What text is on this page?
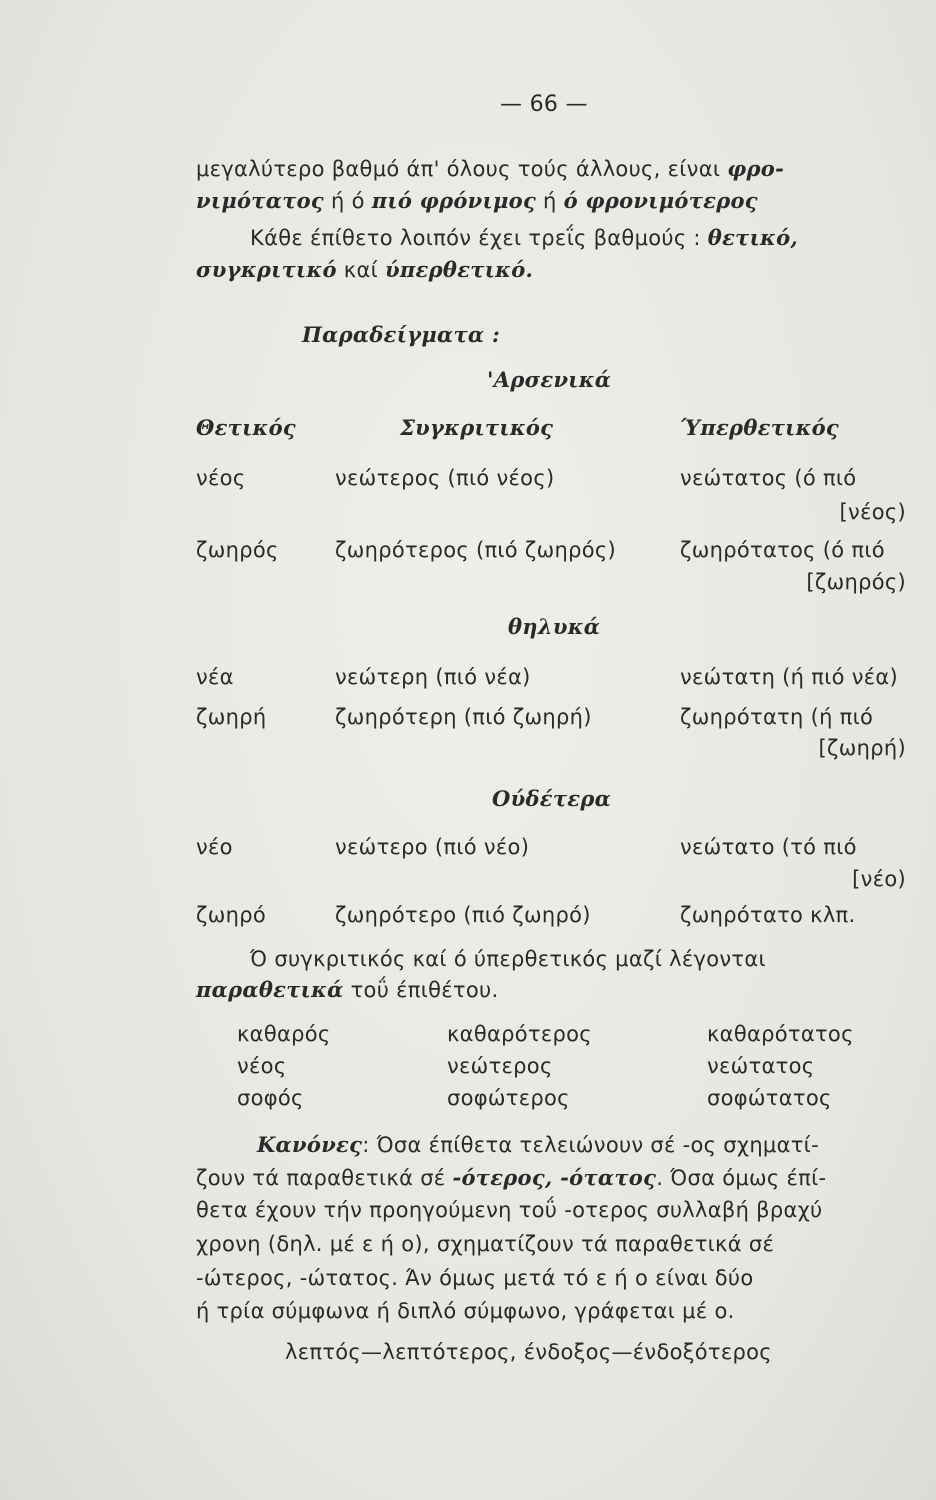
— 66 —
μεγαλύτερο βαθμό άπ' όλους τούς άλλους, είναι φρο-
νιμότατος ή ό πιό φρόνιμος ή ό φρονιμότερος
Κάθε έπίθετο λοιπόν έχει τρεΐς βαθμούς : θετικό,
συγκριτικό καί ύπερθετικό.
Παραδείγματα :
'Αρσενικά
Θετικός	Συγκριτικός	Ύπερθετικός
νέος	νεώτερος (πιό νέος)	νεώτατος (ό πιό
[νέος)
ζωηρός	ζωηρότερος (πιό ζωηρός)	ζωηρότατος (ό πιό
[ζωηρός)
θηλυκά
νέα	νεώτερη (πιό νέα)	νεώτατη (ή πιό νέα)
ζωηρή	ζωηρότερη (πιό ζωηρή)	ζωηρότατη (ή πιό
[ζωηρή)
Ούδέτερα
νέο	νεώτερο (πιό νέο)	νεώτατο (τό πιό
[νέο)
ζωηρό	ζωηρότερο (πιό ζωηρό)	ζωηρότατο κλπ.
Ό συγκριτικός καί ό ύπερθετικός μαζί λέγονται
παραθετικά τοΰ έπιθέτου.
καθαρός	καθαρότερος	καθαρότατος
νέος	νεώτερος	νεώτατος
σοφός	σοφώτερος	σοφώτατος
Κανόνες: Όσα έπίθετα τελειώνουν σέ -ος σχηματί-
ζουν τά παραθετικά σέ -ότερος, -ότατος. Όσα όμως έπί-
θετα έχουν τήν προηγούμενη τοΰ -οτερος συλλαβή βραχύ
χρονη (δηλ. μέ ε ή ο), σχηματίζουν τά παραθετικά σέ
-ώτερος, -ώτατος. Άν όμως μετά τό ε ή ο είναι δύο
ή τρία σύμφωνα ή διπλό σύμφωνο, γράφεται μέ ο.
λεπτός—λεπτότερος, ένδοξος—ένδοξότερος
